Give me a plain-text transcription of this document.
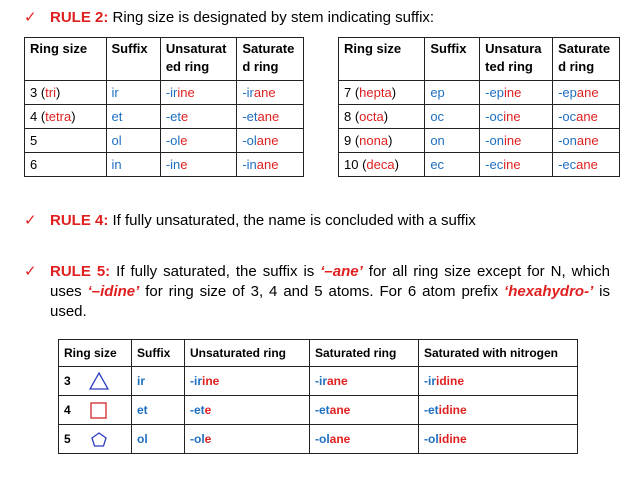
✓ RULE 2: Ring size is designated by stem indicating suffix:
Ring size	Suffix	Unsaturat ed ring	Saturate d ring
3 (tri)	ir	-irine	-irane
4 (tetra)	et	-ete	-etane
5	ol	-ole	-olane
6	in	-ine	-inane
Ring size	Suffix	Unsatura ted ring	Saturate d ring
7 (hepta)	ep	-epine	-epane
8 (octa)	oc	-ocine	-ocane
9 (nona)	on	-onine	-onane
10 (deca)	ec	-ecine	-ecane
✓ RULE 4: If fully unsaturated, the name is concluded with a suffix
✓ RULE 5: If fully saturated, the suffix is ‘–ane’ for all ring size except for N, which uses ‘–idine’ for ring size of 3, 4 and 5 atoms. For 6 atom prefix ‘hexahydro-’ is used.
Ring size	Suffix	Unsaturated ring	Saturated ring	Saturated with nitrogen
3	ir	-irine	-irane	-iridine
4	et	-ete	-etane	-etidine
5	ol	-ole	-olane	-olidine
